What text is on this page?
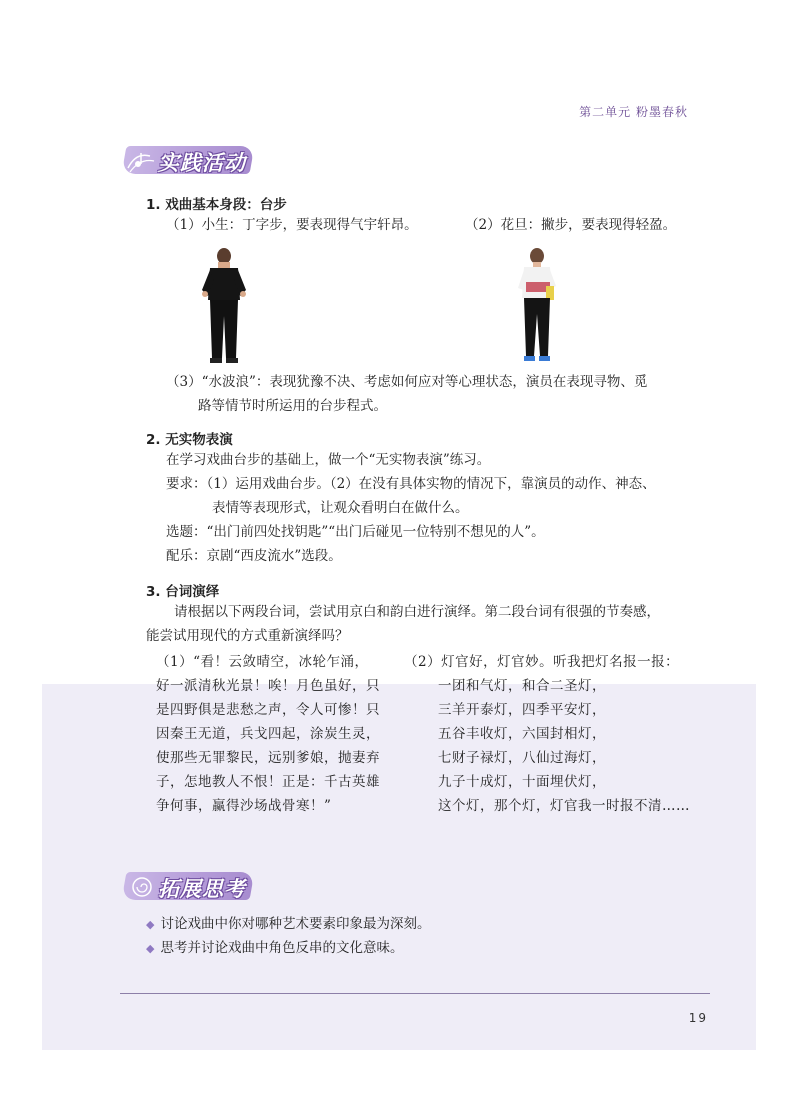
第二单元 粉墨春秋
实践活动
1. 戏曲基本身段：台步
（1）小生：丁字步，要表现得气宇轩昂。	（2）花旦：撇步，要表现得轻盈。
（3）“水波浪”：表现犹豫不决、考虑如何应对等心理状态，演员在表现寻物、觅
路等情节时所运用的台步程式。
2. 无实物表演
在学习戏曲台步的基础上，做一个“无实物表演”练习。
要求：（1）运用戏曲台步。（2）在没有具体实物的情况下，靠演员的动作、神态、
表情等表现形式，让观众看明白在做什么。
选题：“出门前四处找钥匙”“出门后碰见一位特别不想见的人”。
配乐：京剧“西皮流水”选段。
3. 台词演绎
请根据以下两段台词，尝试用京白和韵白进行演绎。第二段台词有很强的节奏感，
能尝试用现代的方式重新演绎吗？
（1）“看！云敛晴空，冰轮乍涌，
好一派清秋光景！唉！月色虽好，只
是四野俱是悲愁之声，令人可惨！只
因秦王无道，兵戈四起，涂炭生灵，
使那些无罪黎民，远别爹娘，抛妻弃
子，怎地教人不恨！正是：千古英雄
争何事，赢得沙场战骨寒！”
（2）灯官好，灯官妙。听我把灯名报一报：
一团和气灯，和合二圣灯，
三羊开泰灯，四季平安灯，
五谷丰收灯，六国封相灯，
七财子禄灯，八仙过海灯，
九子十成灯，十面埋伏灯，
这个灯，那个灯，灯官我一时报不清……
拓展思考
◆ 讨论戏曲中你对哪种艺术要素印象最为深刻。
◆ 思考并讨论戏曲中角色反串的文化意味。
19
